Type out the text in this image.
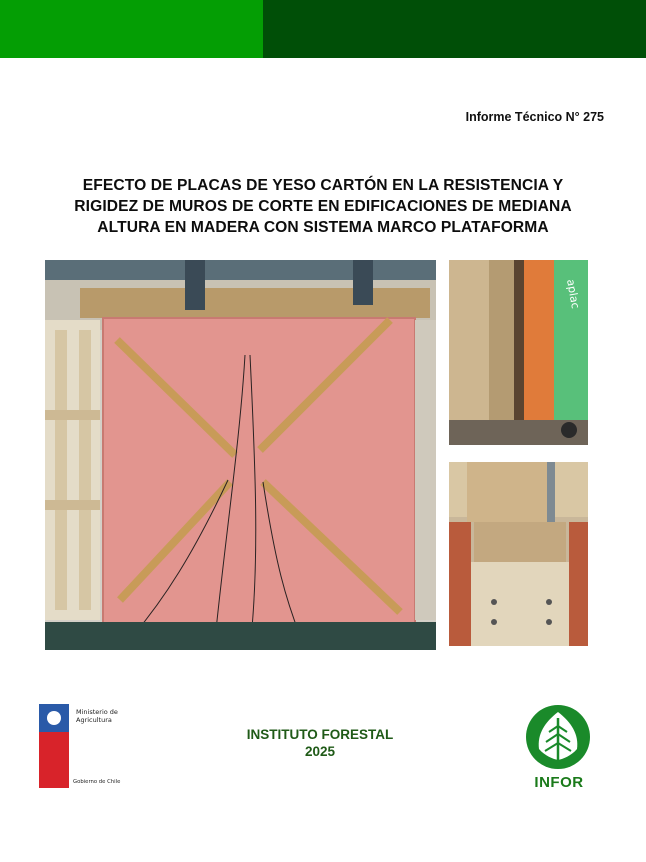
Informe Técnico N° 275
EFECTO DE PLACAS DE YESO CARTÓN EN LA RESISTENCIA Y
RIGIDEZ DE MUROS DE CORTE EN EDIFICACIONES DE MEDIANA
ALTURA EN MADERA CON SISTEMA MARCO PLATAFORMA
aplac
Ministerio de
Agricultura
Gobierno de Chile
INSTITUTO FORESTAL
2025
INFOR
